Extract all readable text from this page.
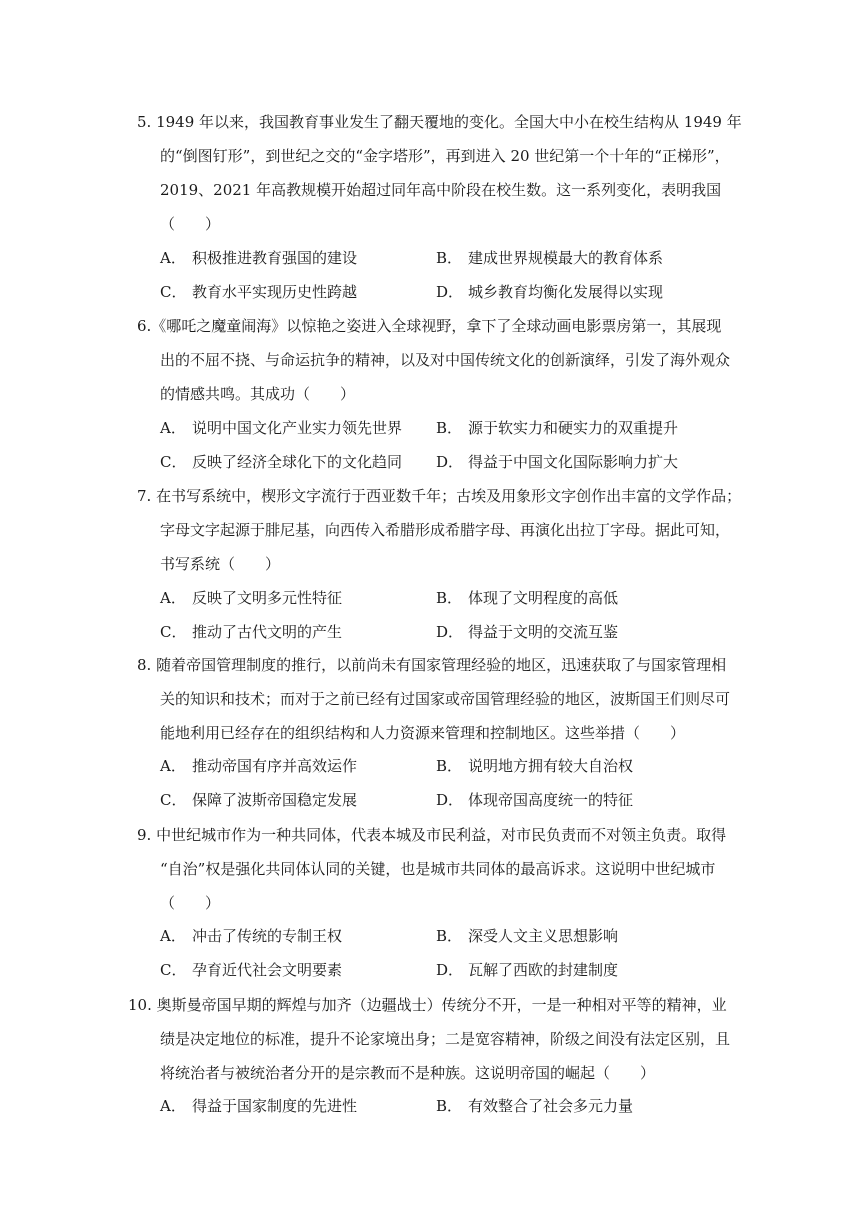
5. 1949 年以来，我国教育事业发生了翻天覆地的变化。全国大中小在校生结构从 1949 年
的“倒图钉形”，到世纪之交的“金字塔形”，再到进入 20 世纪第一个十年的“正梯形”，
2019、2021 年高教规模开始超过同年高中阶段在校生数。这一系列变化，表明我国
（　　）
A． 积极推进教育强国的建设	B． 建成世界规模最大的教育体系
C． 教育水平实现历史性跨越	D． 城乡教育均衡化发展得以实现
6.《哪吒之魔童闹海》以惊艳之姿进入全球视野，拿下了全球动画电影票房第一，其展现
出的不屈不挠、与命运抗争的精神，以及对中国传统文化的创新演绎，引发了海外观众
的情感共鸣。其成功（　　）
A． 说明中国文化产业实力领先世界 B． 源于软实力和硬实力的双重提升
C． 反映了经济全球化下的文化趋同 D． 得益于中国文化国际影响力扩大
7. 在书写系统中，楔形文字流行于西亚数千年；古埃及用象形文字创作出丰富的文学作品；
字母文字起源于腓尼基，向西传入希腊形成希腊字母、再演化出拉丁字母。据此可知，
书写系统（　　）
A． 反映了文明多元性特征	B． 体现了文明程度的高低
C． 推动了古代文明的产生	D． 得益于文明的交流互鉴
8. 随着帝国管理制度的推行，以前尚未有国家管理经验的地区，迅速获取了与国家管理相
关的知识和技术；而对于之前已经有过国家或帝国管理经验的地区，波斯国王们则尽可
能地利用已经存在的组织结构和人力资源来管理和控制地区。这些举措（　　）
A． 推动帝国有序并高效运作	B． 说明地方拥有较大自治权
C． 保障了波斯帝国稳定发展	D． 体现帝国高度统一的特征
9. 中世纪城市作为一种共同体，代表本城及市民利益，对市民负责而不对领主负责。取得
“自治”权是强化共同体认同的关键，也是城市共同体的最高诉求。这说明中世纪城市
（　　）
A． 冲击了传统的专制王权	B． 深受人文主义思想影响
C． 孕育近代社会文明要素	D． 瓦解了西欧的封建制度
10. 奥斯曼帝国早期的辉煌与加齐（边疆战士）传统分不开，一是一种相对平等的精神，业
绩是决定地位的标准，提升不论家境出身；二是宽容精神，阶级之间没有法定区别，且
将统治者与被统治者分开的是宗教而不是种族。这说明帝国的崛起（　　）
A． 得益于国家制度的先进性	B． 有效整合了社会多元力量
